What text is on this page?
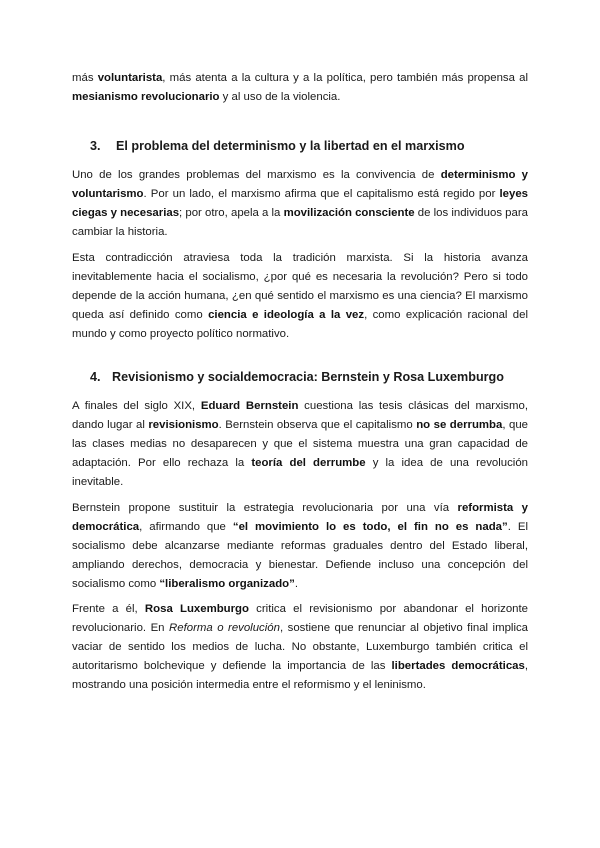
más voluntarista, más atenta a la cultura y a la política, pero también más propensa al mesianismo revolucionario y al uso de la violencia.

3. El problema del determinismo y la libertad en el marxismo

Uno de los grandes problemas del marxismo es la convivencia de determinismo y voluntarismo. Por un lado, el marxismo afirma que el capitalismo está regido por leyes ciegas y necesarias; por otro, apela a la movilización consciente de los individuos para cambiar la historia.

Esta contradicción atraviesa toda la tradición marxista. Si la historia avanza inevitablemente hacia el socialismo, ¿por qué es necesaria la revolución? Pero si todo depende de la acción humana, ¿en qué sentido el marxismo es una ciencia? El marxismo queda así definido como ciencia e ideología a la vez, como explicación racional del mundo y como proyecto político normativo.

4. Revisionismo y socialdemocracia: Bernstein y Rosa Luxemburgo

A finales del siglo XIX, Eduard Bernstein cuestiona las tesis clásicas del marxismo, dando lugar al revisionismo. Bernstein observa que el capitalismo no se derrumba, que las clases medias no desaparecen y que el sistema muestra una gran capacidad de adaptación. Por ello rechaza la teoría del derrumbe y la idea de una revolución inevitable.

Bernstein propone sustituir la estrategia revolucionaria por una vía reformista y democrática, afirmando que “el movimiento lo es todo, el fin no es nada”. El socialismo debe alcanzarse mediante reformas graduales dentro del Estado liberal, ampliando derechos, democracia y bienestar. Defiende incluso una concepción del socialismo como “liberalismo organizado”.

Frente a él, Rosa Luxemburgo critica el revisionismo por abandonar el horizonte revolucionario. En Reforma o revolución, sostiene que renunciar al objetivo final implica vaciar de sentido los medios de lucha. No obstante, Luxemburgo también critica el autoritarismo bolchevique y defiende la importancia de las libertades democráticas, mostrando una posición intermedia entre el reformismo y el leninismo.
